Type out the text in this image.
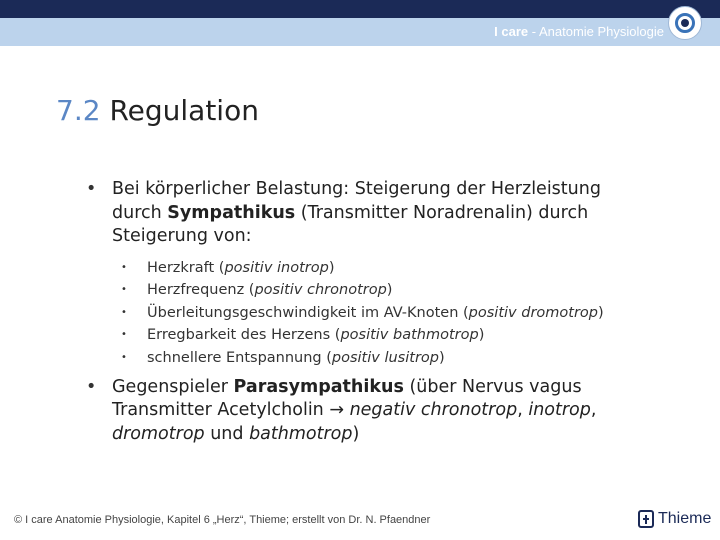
I care - Anatomie Physiologie
7.2 Regulation
• Bei körperlicher Belastung: Steigerung der Herzleistung durch Sympathikus (Transmitter Noradrenalin) durch Steigerung von:
• Herzkraft (positiv inotrop)
• Herzfrequenz (positiv chronotrop)
• Überleitungsgeschwindigkeit im AV-Knoten (positiv dromotrop)
• Erregbarkeit des Herzens (positiv bathmotrop)
• schnellere Entspannung (positiv lusitrop)
• Gegenspieler Parasympathikus (über Nervus vagus Transmitter Acetylcholin → negativ chronotrop, inotrop, dromotrop und bathmotrop)
© I care Anatomie Physiologie, Kapitel 6 „Herz“, Thieme; erstellt von Dr. N. Pfaendner	Thieme
